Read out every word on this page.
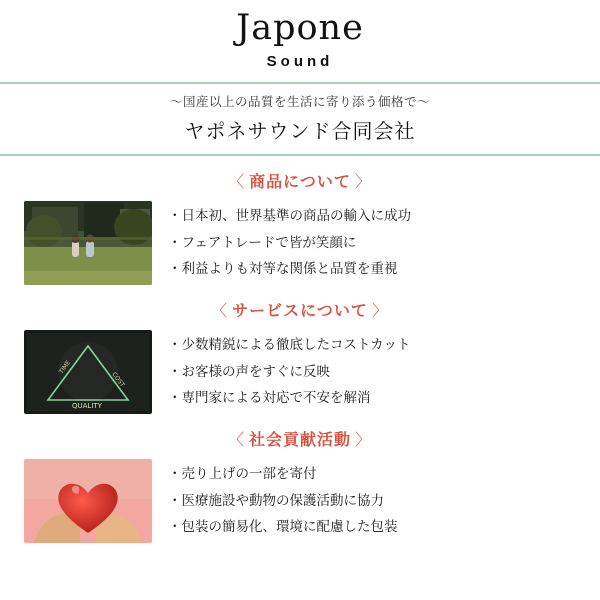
Japone
Sound
〜国産以上の品質を生活に寄り添う価格で〜
ヤポネサウンド合同会社
〈 商品について 〉
・日本初、世界基準の商品の輸入に成功
・フェアトレードで皆が笑顔に
・利益よりも対等な関係と品質を重視
〈 サービスについて 〉
TIME
COST
QUALITY
・少数精鋭による徹底したコストカット
・お客様の声をすぐに反映
・専門家による対応で不安を解消
〈 社会貢献活動 〉
・売り上げの一部を寄付
・医療施設や動物の保護活動に協力
・包装の簡易化、環境に配慮した包装
